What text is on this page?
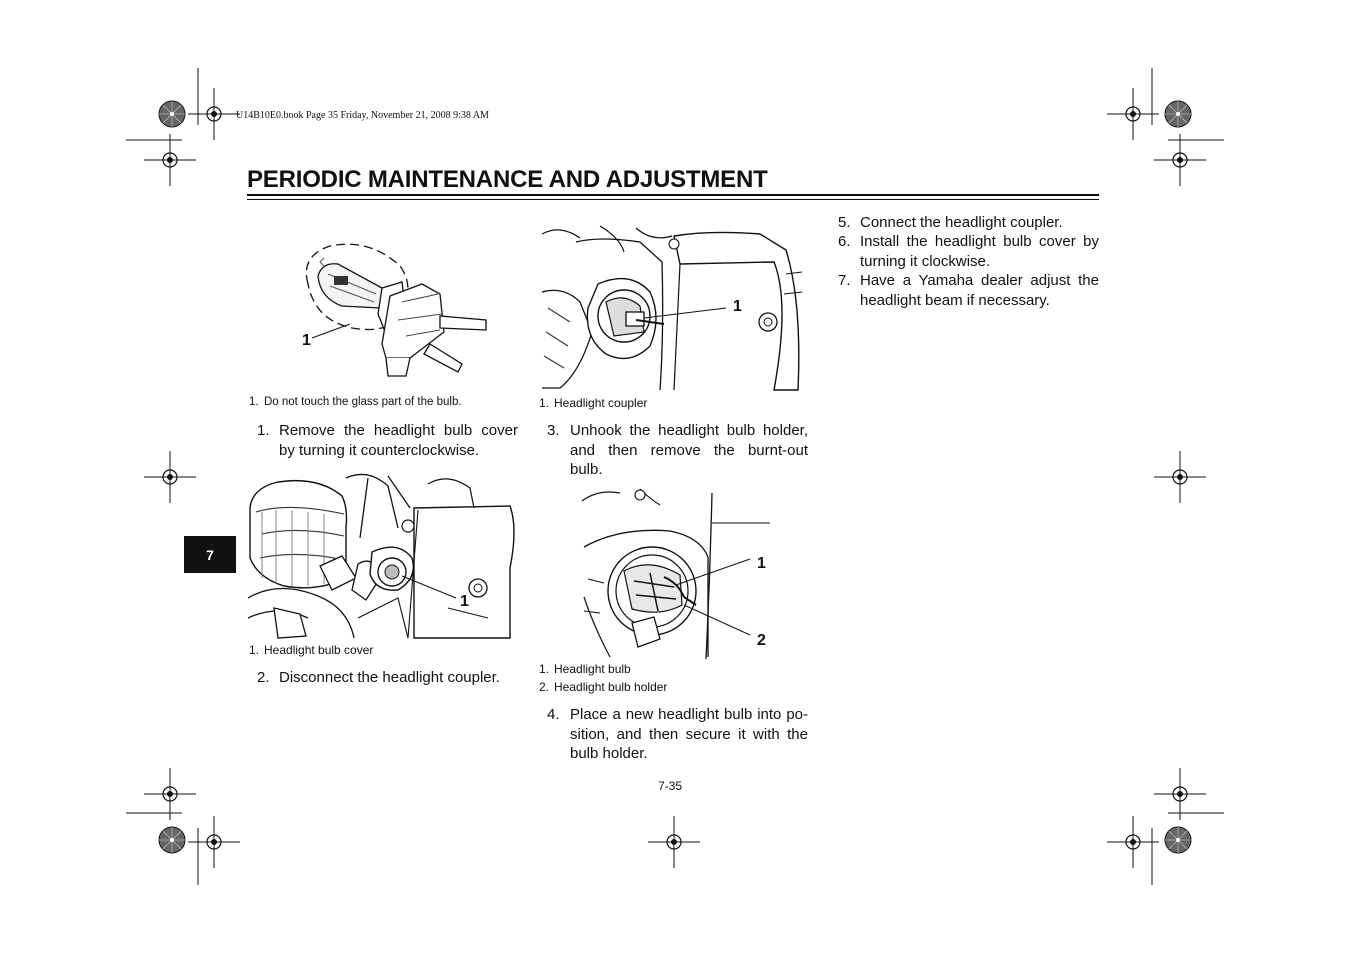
U14B10E0.book Page 35 Friday, November 21, 2008 9:38 AM
PERIODIC MAINTENANCE AND ADJUSTMENT
7
1
1. Do not touch the glass part of the bulb.
1. Remove the headlight bulb cover by turning it counterclockwise.
1
1. Headlight bulb cover
2. Disconnect the headlight coupler.
1
1. Headlight coupler
3. Unhook the headlight bulb holder, and then remove the burnt-out bulb.
1
2
1. Headlight bulb
2. Headlight bulb holder
4. Place a new headlight bulb into po-sition, and then secure it with the bulb holder.
5. Connect the headlight coupler.
6. Install the headlight bulb cover by turning it clockwise.
7. Have a Yamaha dealer adjust the headlight beam if necessary.
7-35
